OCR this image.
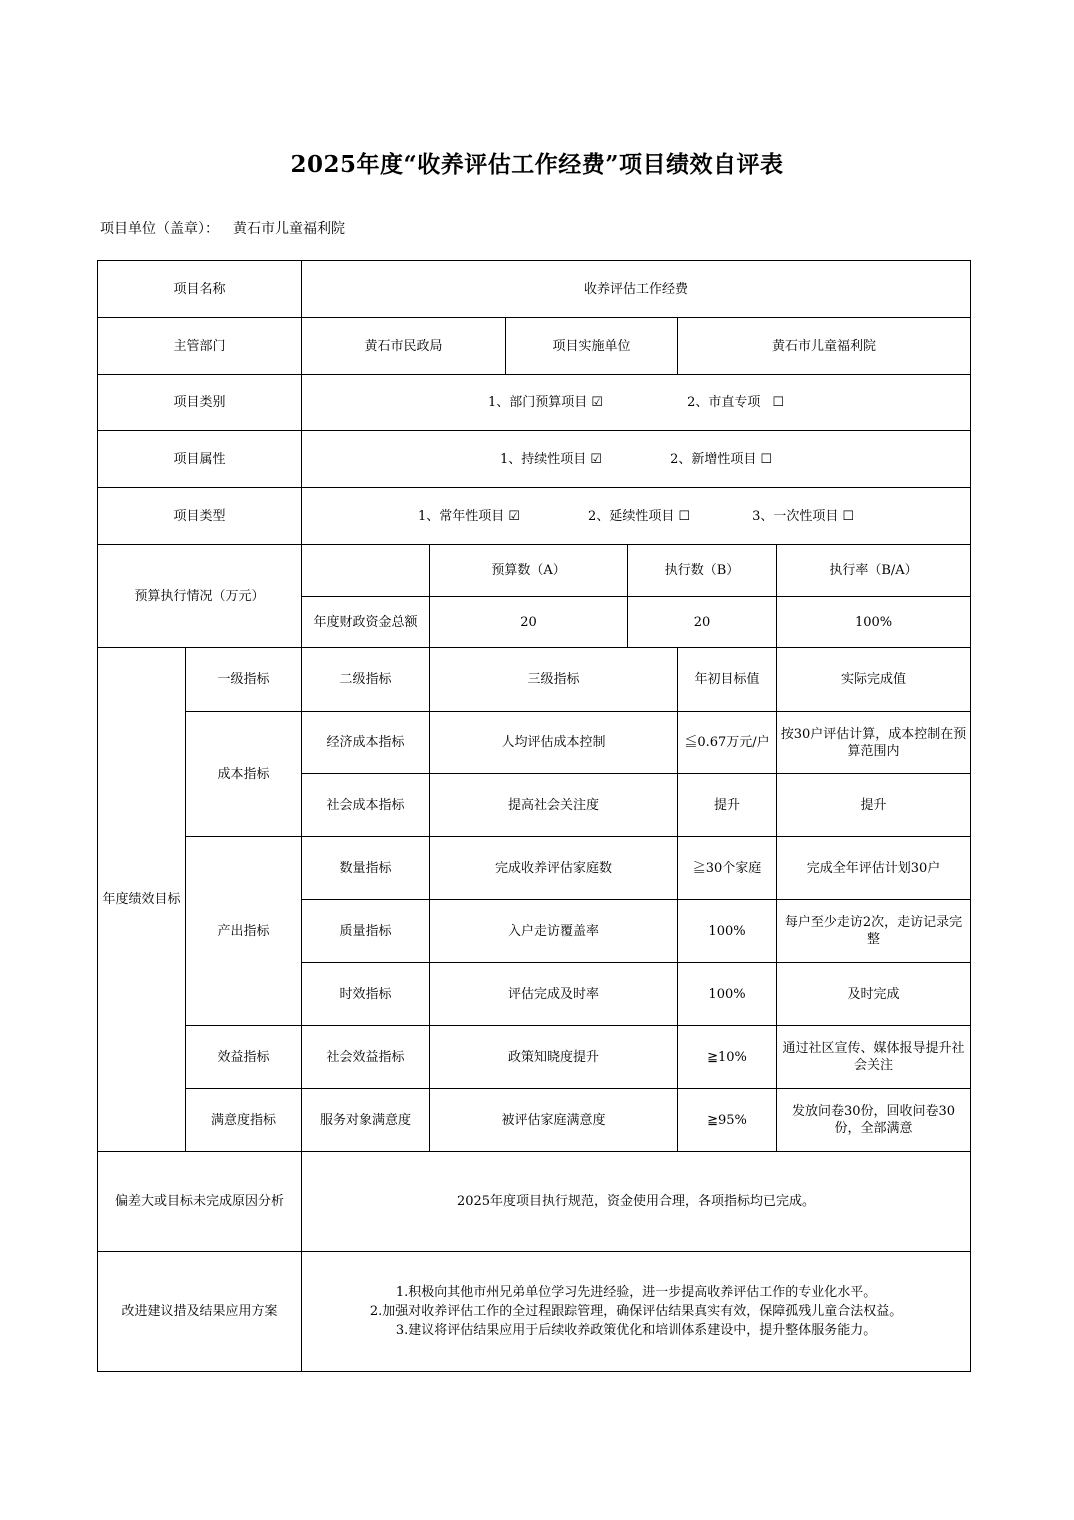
2025年度“收养评估工作经费”项目绩效自评表
项目单位（盖章）： 黄石市儿童福利院
项目名称		收养评估工作经费					
主管部门		黄石市民政局		项目实施单位		黄石市儿童福利院	
项目类别		1、部门预算项目 ☑ 2、市直专项 ☐					
项目属性		1、持续性项目 ☑ 2、新增性项目 ☐					
项目类型		1、常年性项目 ☑ 2、延续性项目 ☐ 3、一次性项目 ☐					
预算执行情况（万元）			预算数（A）		执行数（B）		执行率（B/A）
		年度财政资金总额	20		20		100%
年度绩效目标	一级指标	二级指标	三级指标			年初目标值	实际完成值
	成本指标	经济成本指标	人均评估成本控制			≦0.67万元/户	按30户评估计算，成本控制在预算范围内
		社会成本指标	提高社会关注度			提升	提升
	产出指标	数量指标	完成收养评估家庭数			≧30个家庭	完成全年评估计划30户
		质量指标	入户走访覆盖率			100%	每户至少走访2次，走访记录完整
		时效指标	评估完成及时率			100%	及时完成
	效益指标	社会效益指标	政策知晓度提升			≧10%	通过社区宣传、媒体报导提升社会关注
	满意度指标	服务对象满意度	被评估家庭满意度			≧95%	发放问卷30份，回收问卷30份，全部满意
偏差大或目标未完成原因分析		2025年度项目执行规范，资金使用合理，各项指标均已完成。					
改进建议措及结果应用方案		1.积极向其他市州兄弟单位学习先进经验，进一步提高收养评估工作的专业化水平。
2.加强对收养评估工作的全过程跟踪管理，确保评估结果真实有效，保障孤残儿童合法权益。
3.建议将评估结果应用于后续收养政策优化和培训体系建设中，提升整体服务能力。					
